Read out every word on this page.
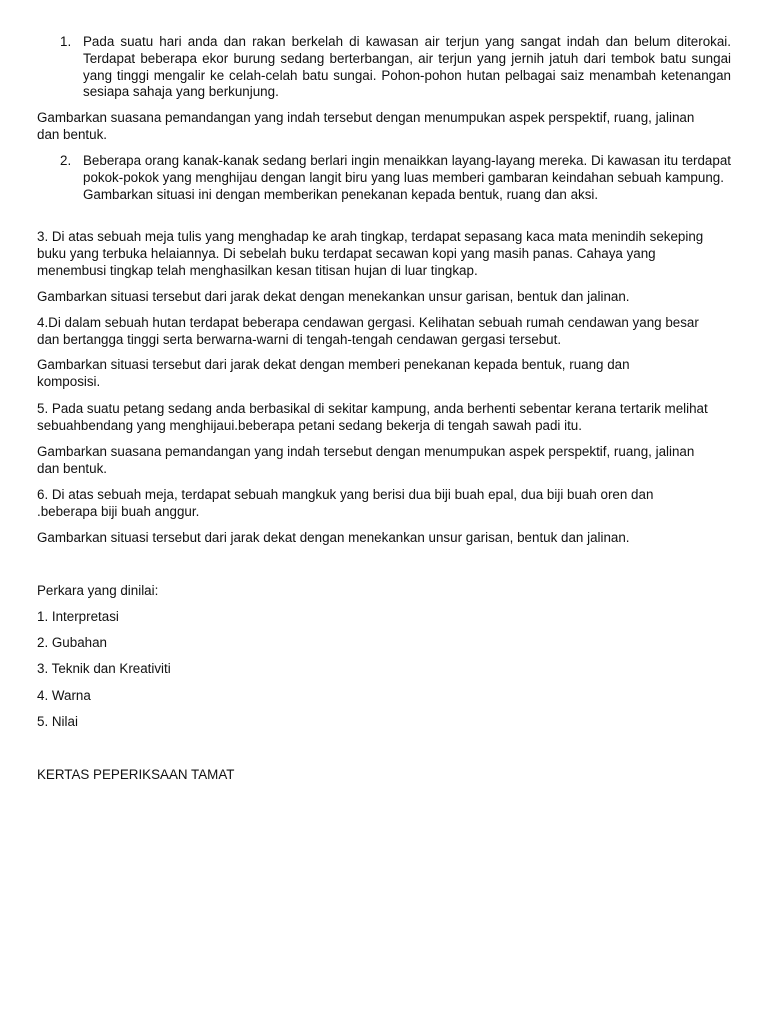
1. Pada suatu hari anda dan rakan berkelah di kawasan air terjun yang sangat indah dan belum diterokai. Terdapat beberapa ekor burung sedang berterbangan, air terjun yang jernih jatuh dari tembok batu sungai yang tinggi mengalir ke celah-celah batu sungai. Pohon-pohon hutan pelbagai saiz menambah ketenangan sesiapa sahaja yang berkunjung.

Gambarkan suasana pemandangan yang indah tersebut dengan menumpukan aspek perspektif, ruang, jalinan dan bentuk.

2. Beberapa orang kanak-kanak sedang berlari ingin menaikkan layang-layang mereka. Di kawasan itu terdapat pokok-pokok yang menghijau dengan langit biru yang luas memberi gambaran keindahan sebuah kampung.
Gambarkan situasi ini dengan memberikan penekanan kepada bentuk, ruang dan aksi.

3. Di atas sebuah meja tulis yang menghadap ke arah tingkap, terdapat sepasang kaca mata menindih sekeping buku yang terbuka helaiannya. Di sebelah buku terdapat secawan kopi yang masih panas. Cahaya yang menembusi tingkap telah menghasilkan kesan titisan hujan di luar tingkap.

Gambarkan situasi tersebut dari jarak dekat dengan menekankan unsur garisan, bentuk dan jalinan.

4.Di dalam sebuah hutan terdapat beberapa cendawan gergasi. Kelihatan sebuah rumah cendawan yang besar dan bertangga tinggi serta berwarna-warni di tengah-tengah cendawan gergasi tersebut.

Gambarkan situasi tersebut dari jarak dekat dengan memberi penekanan kepada bentuk, ruang dan komposisi.

5. Pada suatu petang sedang anda berbasikal di sekitar kampung, anda berhenti sebentar kerana tertarik melihat sebuahbendang yang menghijaui.beberapa petani sedang bekerja di tengah sawah padi itu.

Gambarkan suasana pemandangan yang indah tersebut dengan menumpukan aspek perspektif, ruang, jalinan dan bentuk.

6. Di atas sebuah meja, terdapat sebuah mangkuk yang berisi dua biji buah epal, dua biji buah oren dan .beberapa biji buah anggur.

Gambarkan situasi tersebut dari jarak dekat dengan menekankan unsur garisan, bentuk dan jalinan.

Perkara yang dinilai:

1. Interpretasi

2. Gubahan

3. Teknik dan Kreativiti

4. Warna

5. Nilai

KERTAS PEPERIKSAAN TAMAT
